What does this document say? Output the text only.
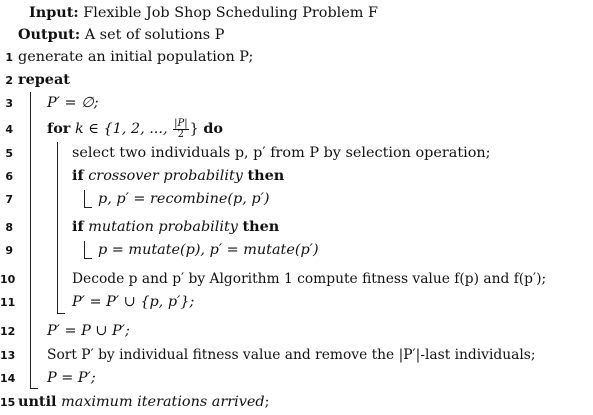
Input: Flexible Job Shop Scheduling Problem F
Output: A set of solutions P
1 generate an initial population P;
2 repeat
3 P′ = ∅;
4 for k ∈ {1, 2, ..., $\frac{|P|}{2}$ } do
5	select two individuals p, p′ from P by selection operation;
6	if crossover probability then
7	p, p′ = recombine(p, p′)
8	if mutation probability then
9	p = mutate(p), p′ = mutate(p′)
10	Decode p and p′ by Algorithm 1 compute fitness value f(p) and f(p′);
11	P′ = P′ ∪ {p, p′};
12 P′ = P ∪ P′;
13 Sort P′ by individual fitness value and remove the |P′|-last individuals;
14 P = P′;
15 until maximum iterations arrived;
